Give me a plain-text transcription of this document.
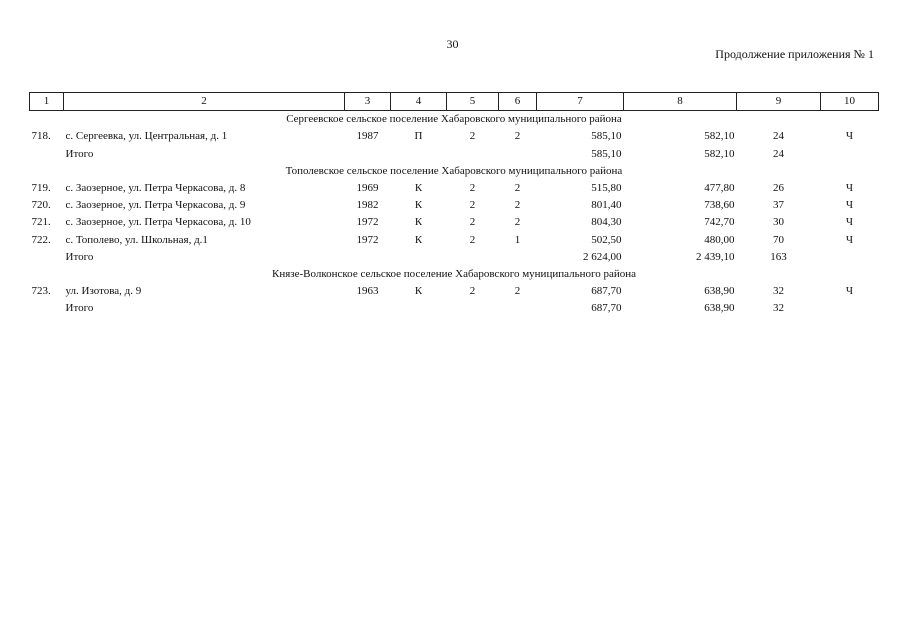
30
Продолжение приложения № 1
1	2	3	4	5	6	7	8	9	10
Сергеевское сельское поселение Хабаровского муниципального района									
718.	с. Сергеевка, ул. Центральная, д. 1	1987	П	2	2	585,10	582,10	24	Ч
	Итого					585,10	582,10	24	
Тополевское сельское поселение Хабаровского муниципального района									
719.	с. Заозерное, ул. Петра Черкасова, д. 8	1969	К	2	2	515,80	477,80	26	Ч
720.	с. Заозерное, ул. Петра Черкасова, д. 9	1982	К	2	2	801,40	738,60	37	Ч
721.	с. Заозерное, ул. Петра Черкасова, д. 10	1972	К	2	2	804,30	742,70	30	Ч
722.	с. Тополево, ул. Школьная, д.1	1972	К	2	1	502,50	480,00	70	Ч
	Итого					2 624,00	2 439,10	163	
Князе-Волконское сельское поселение Хабаровского муниципального района									
723.	ул. Изотова, д. 9	1963	К	2	2	687,70	638,90	32	Ч
	Итого					687,70	638,90	32	
